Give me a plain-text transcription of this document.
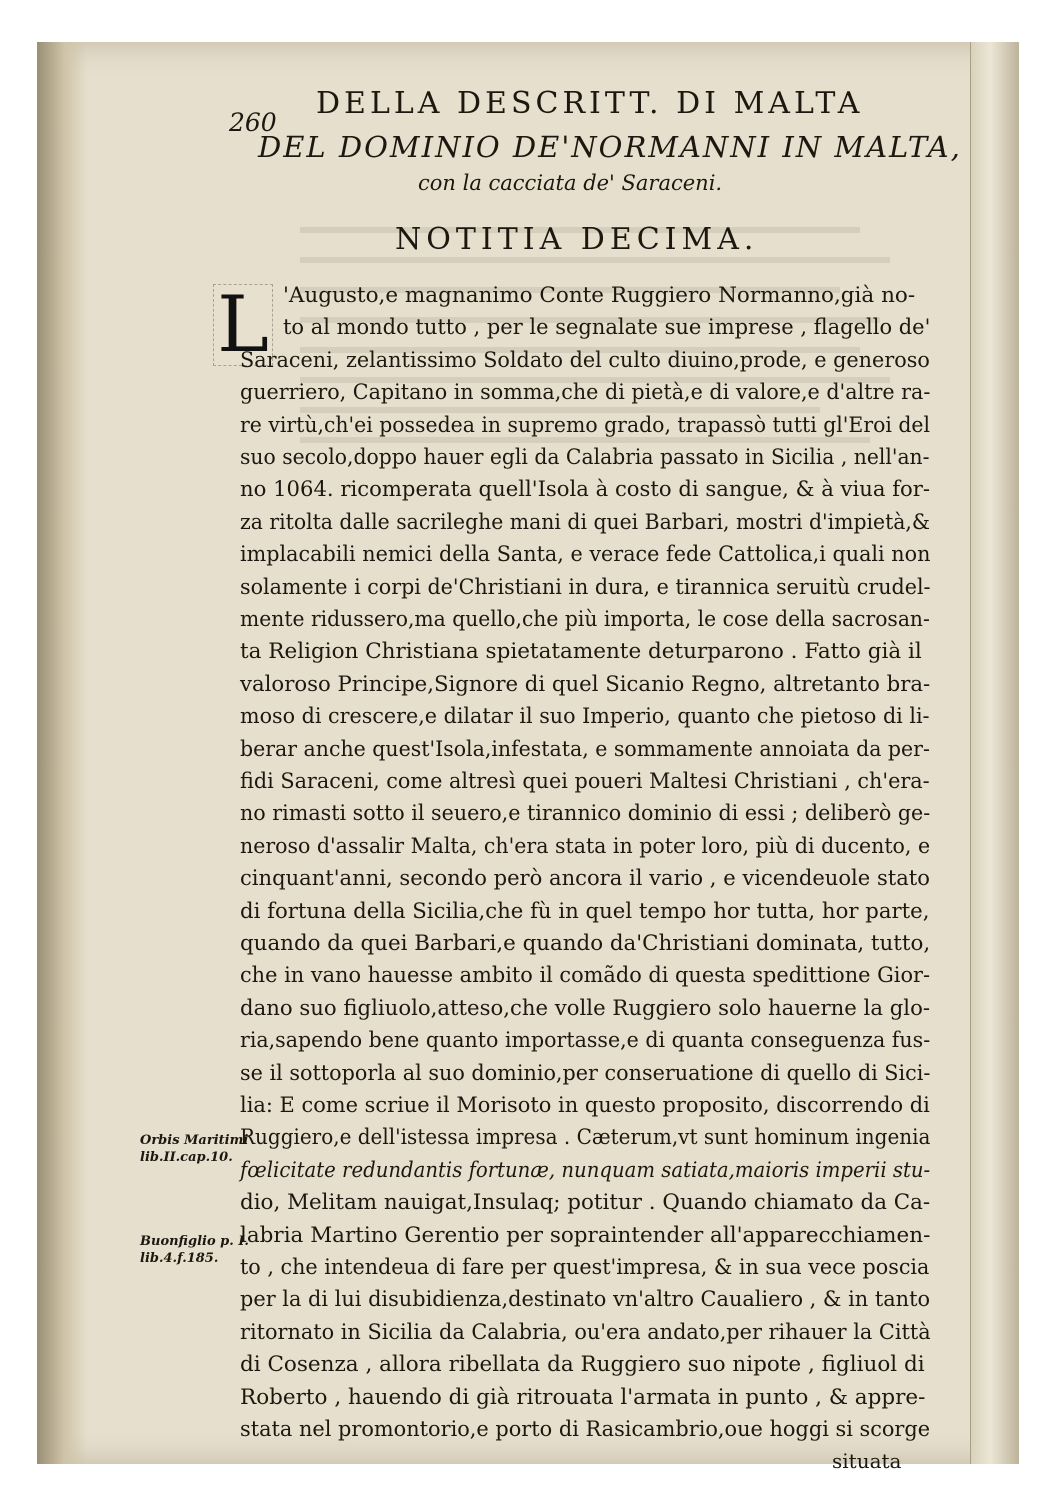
260
DELLA DESCRITT. DI MALTA
DEL DOMINIO DE'NORMANNI IN MALTA,
con la cacciata de' Saraceni.
NOTITIA DECIMA.
L 'Augusto,e magnanimo Conte Ruggiero Normanno,già no-
to al mondo tutto , per le segnalate sue imprese , flagello de'
Saraceni, zelantissimo Soldato del culto diuino,prode, e generoso
guerriero, Capitano in somma,che di pietà,e di valore,e d'altre ra-
re virtù,ch'ei possedea in supremo grado, trapassò tutti gl'Eroi del
suo secolo,doppo hauer egli da Calabria passato in Sicilia , nell'an-
no 1064. ricomperata quell'Isola à costo di sangue, & à viua for-
za ritolta dalle sacrileghe mani di quei Barbari, mostri d'impietà,&
implacabili nemici della Santa, e verace fede Cattolica,i quali non
solamente i corpi de'Christiani in dura, e tirannica seruitù crudel-
mente ridussero,ma quello,che più importa, le cose della sacrosan-
ta Religion Christiana spietatamente deturparono . Fatto già il
valoroso Principe,Signore di quel Sicanio Regno, altretanto bra-
moso di crescere,e dilatar il suo Imperio, quanto che pietoso di li-
berar anche quest'Isola,infestata, e sommamente annoiata da per-
fidi Saraceni, come altresì quei poueri Maltesi Christiani , ch'era-
no rimasti sotto il seuero,e tirannico dominio di essi ; deliberò ge-
neroso d'assalir Malta, ch'era stata in poter loro, più di ducento, e
cinquant'anni, secondo però ancora il vario , e vicendeuole stato
di fortuna della Sicilia,che fù in quel tempo hor tutta, hor parte,
quando da quei Barbari,e quando da'Christiani dominata, tutto,
che in vano hauesse ambito il comãdo di questa spedittione Gior-
dano suo figliuolo,atteso,che volle Ruggiero solo hauerne la glo-
ria,sapendo bene quanto importasse,e di quanta conseguenza fus-
se il sottoporla al suo dominio,per conseruatione di quello di Sici-
lia: E come scriue il Morisoto in questo proposito, discorrendo di
Ruggiero,e dell'istessa impresa . Cæterum,vt sunt hominum ingenia
fœlicitate redundantis fortunæ, nunquam satiata,maioris imperii stu-
dio, Melitam nauigat,Insulaq; potitur . Quando chiamato da Ca-
labria Martino Gerentio per sopraintender all'apparecchiamen-
to , che intendeua di fare per quest'impresa, & in sua vece poscia
per la di lui disubidienza,destinato vn'altro Caualiero , & in tanto
ritornato in Sicilia da Calabria, ou'era andato,per rihauer la Città
di Cosenza , allora ribellata da Ruggiero suo nipote , figliuol di
Roberto , hauendo di già ritrouata l'armata in punto , & appre-
stata nel promontorio,e porto di Rasicambrio,oue hoggi si scorge
situata
Orbis Maritimi
lib.II.cap.10.
Buonfiglio p. I.
lib.4.f.185.
